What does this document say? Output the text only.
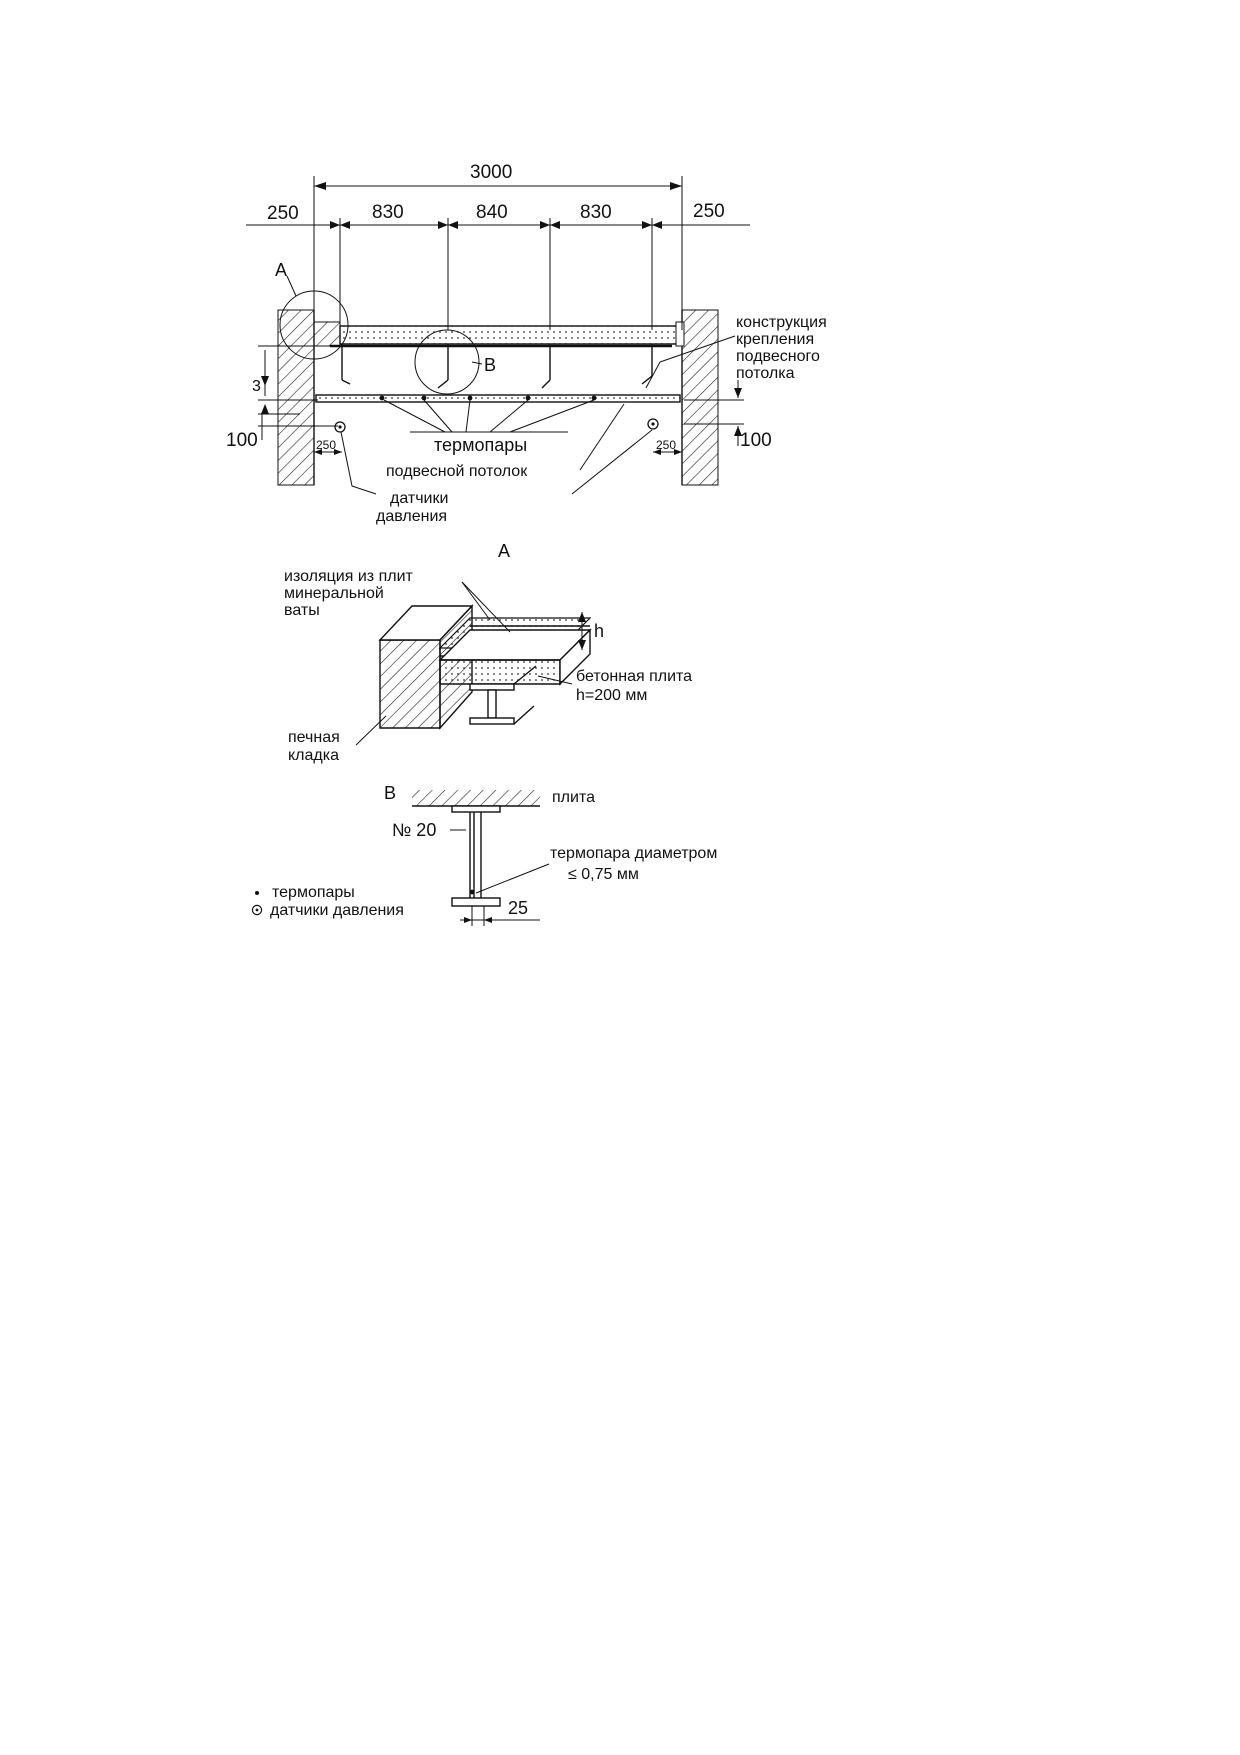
3000
250	250
830	840	830
3
100	100
250	250
A
B
конструкция
крепления
подвесного
потолка
термопары
подвесной потолок
датчики
давления
A
изоляция из плит
минеральной
ваты
h
бетонная плита
h=200 мм
печная
кладка
B	плита
№ 20
термопара диаметром
≤ 0,75 мм
25
термопары
датчики давления
